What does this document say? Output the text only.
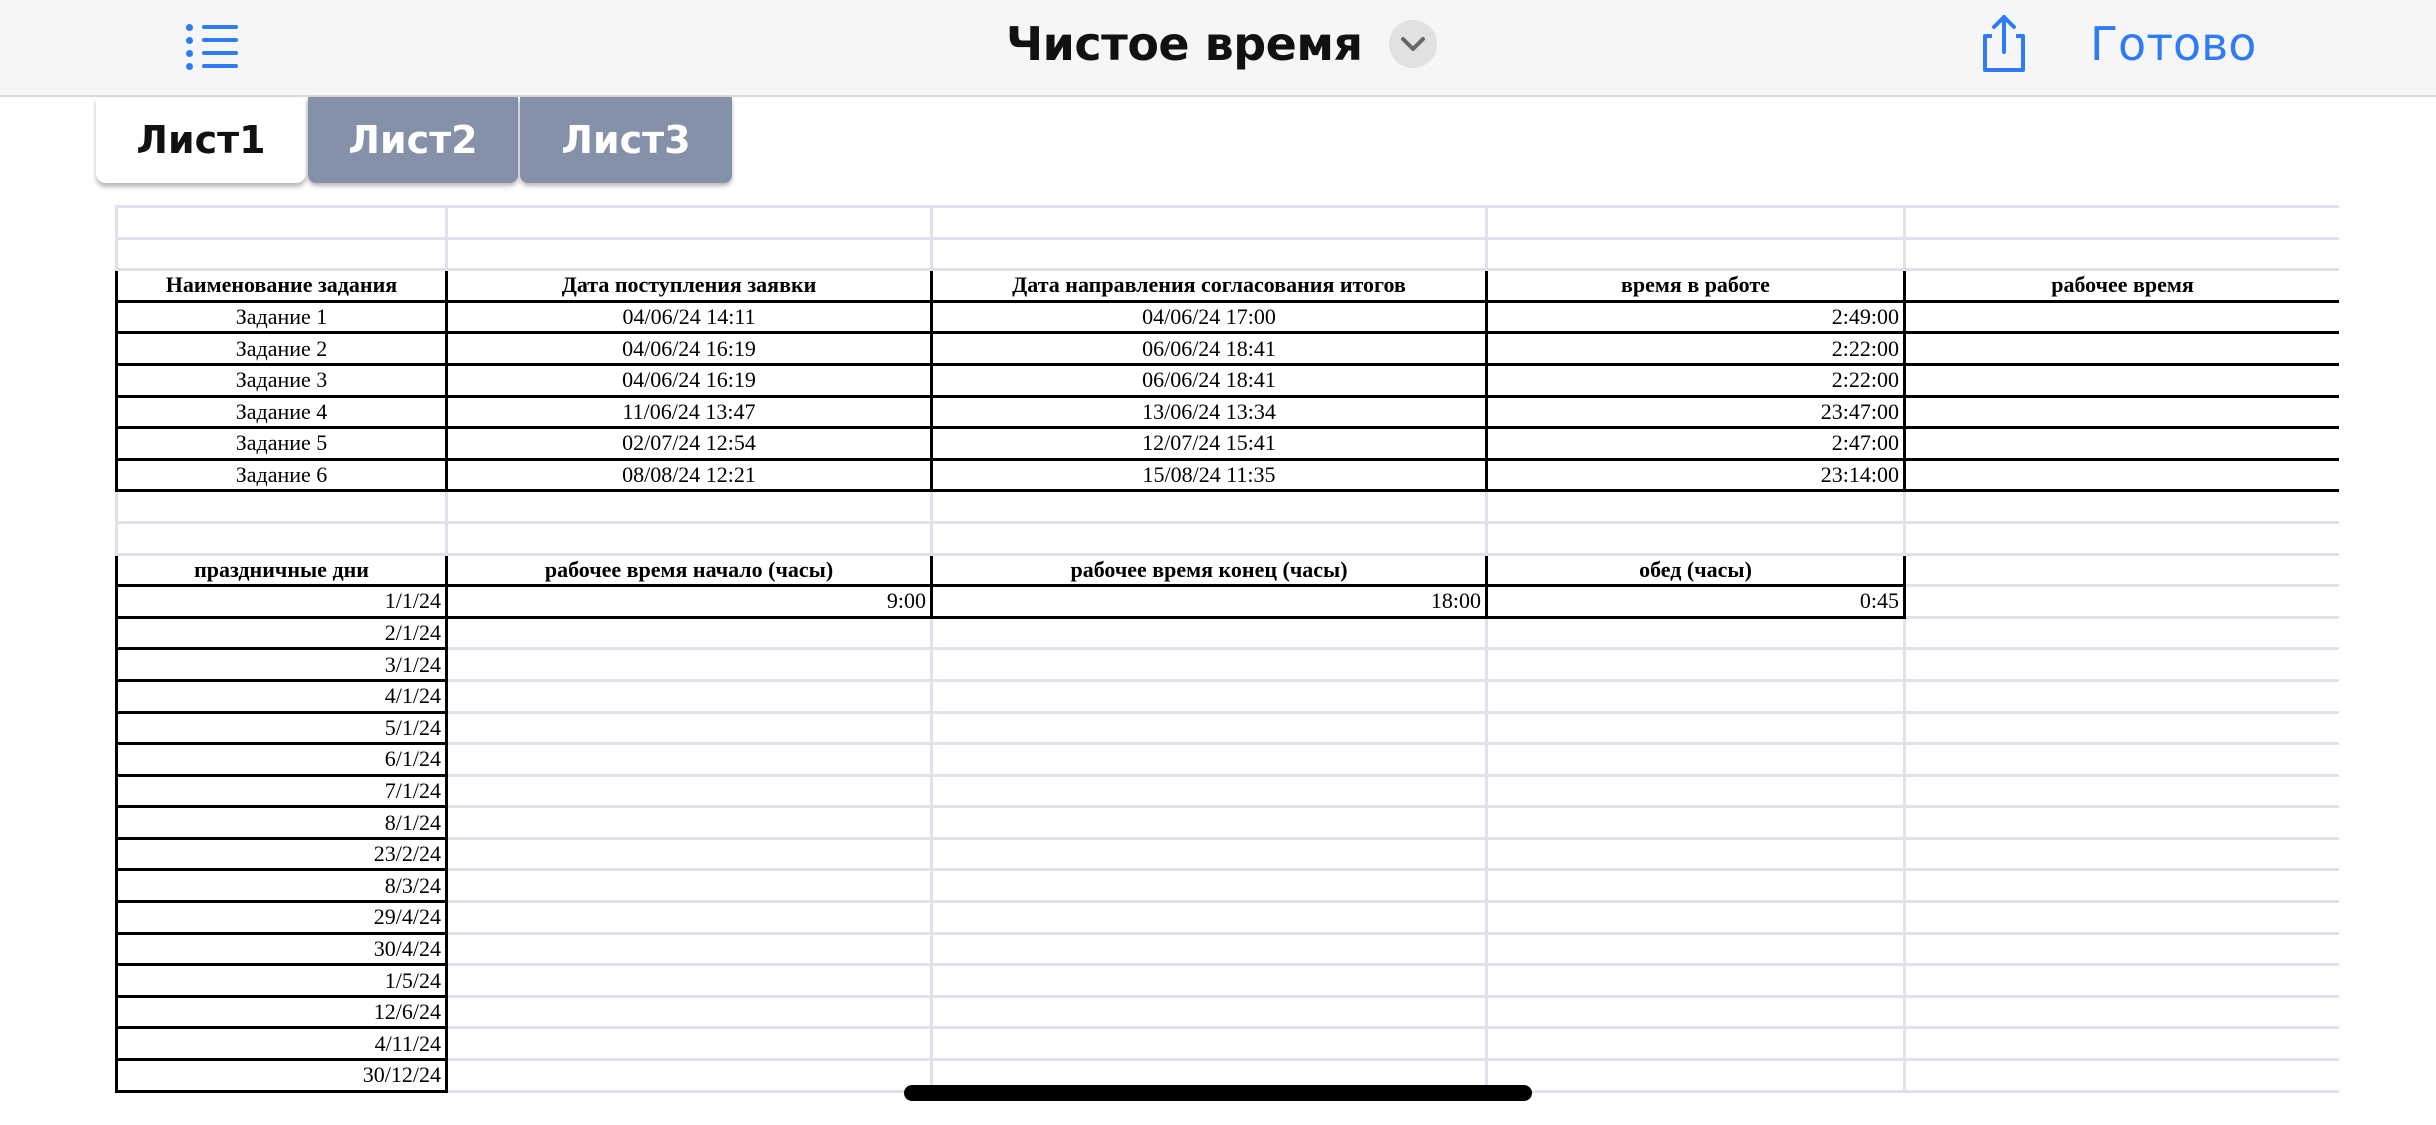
Чистое время	Готово
Лист1	Лист2	Лист3

Наименование задания	Дата поступления заявки	Дата направления согласования итогов	время в работе	рабочее время
Задание 1	04/06/24 14:11	04/06/24 17:00	2:49:00	
Задание 2	04/06/24 16:19	06/06/24 18:41	2:22:00	
Задание 3	04/06/24 16:19	06/06/24 18:41	2:22:00	
Задание 4	11/06/24 13:47	13/06/24 13:34	23:47:00	
Задание 5	02/07/24 12:54	12/07/24 15:41	2:47:00	
Задание 6	08/08/24 12:21	15/08/24 11:35	23:14:00	

праздничные дни	рабочее время начало (часы)	рабочее время конец (часы)	обед (часы)	
1/1/24	9:00	18:00	0:45	
2/1/24				
3/1/24				
4/1/24				
5/1/24				
6/1/24				
7/1/24				
8/1/24				
23/2/24				
8/3/24				
29/4/24				
30/4/24				
1/5/24				
12/6/24				
4/11/24				
30/12/24				
